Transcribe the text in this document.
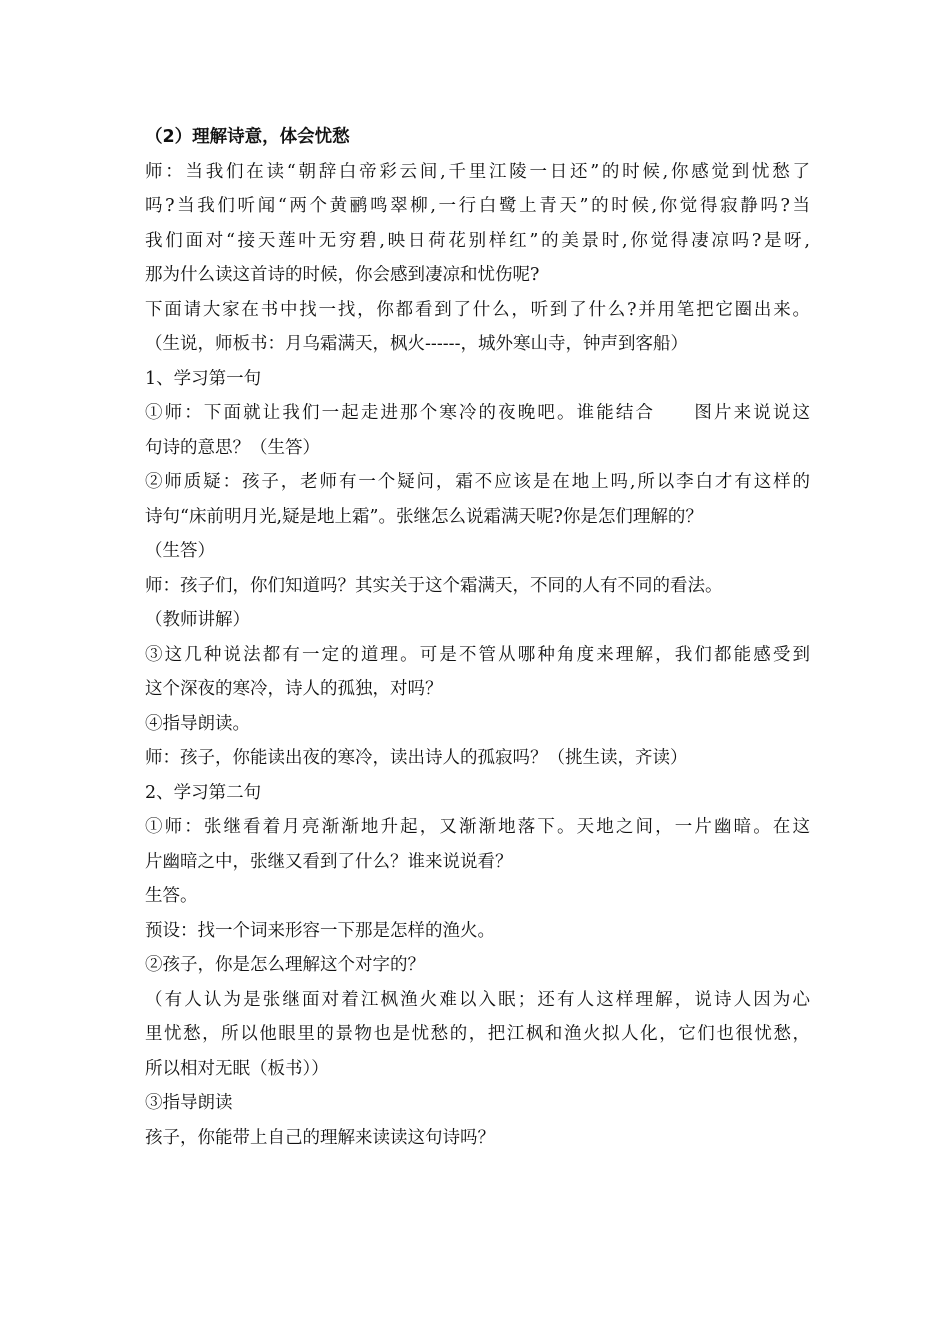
（2）理解诗意，体会忧愁
师：当我们在读“朝辞白帝彩云间,千里江陵一日还”的时候,你感觉到忧愁了
吗?当我们听闻“两个黄鹂鸣翠柳,一行白鹭上青天”的时候,你觉得寂静吗?当
我们面对“接天莲叶无穷碧,映日荷花别样红”的美景时,你觉得凄凉吗?是呀,
那为什么读这首诗的时候，你会感到凄凉和忧伤呢?
下面请大家在书中找一找，你都看到了什么，听到了什么?并用笔把它圈出来。
（生说，师板书：月乌霜满天，枫火------，城外寒山寺，钟声到客船）
1、学习第一句
①师：下面就让我们一起走进那个寒冷的夜晚吧。谁能结合　　图片来说说这
句诗的意思？（生答）
②师质疑：孩子，老师有一个疑问，霜不应该是在地上吗,所以李白才有这样的
诗句“床前明月光,疑是地上霜”。张继怎么说霜满天呢?你是怎们理解的？
（生答）
师：孩子们，你们知道吗？其实关于这个霜满天，不同的人有不同的看法。
（教师讲解）
③这几种说法都有一定的道理。可是不管从哪种角度来理解，我们都能感受到
这个深夜的寒冷，诗人的孤独，对吗？
④指导朗读。
师：孩子，你能读出夜的寒冷，读出诗人的孤寂吗？（挑生读，齐读）
2、学习第二句
①师：张继看着月亮渐渐地升起，又渐渐地落下。天地之间，一片幽暗。在这
片幽暗之中，张继又看到了什么？谁来说说看？
生答。
预设：找一个词来形容一下那是怎样的渔火。
②孩子，你是怎么理解这个对字的？
（有人认为是张继面对着江枫渔火难以入眠；还有人这样理解，说诗人因为心
里忧愁，所以他眼里的景物也是忧愁的，把江枫和渔火拟人化，它们也很忧愁，
所以相对无眠（板书））
③指导朗读
孩子，你能带上自己的理解来读读这句诗吗？
